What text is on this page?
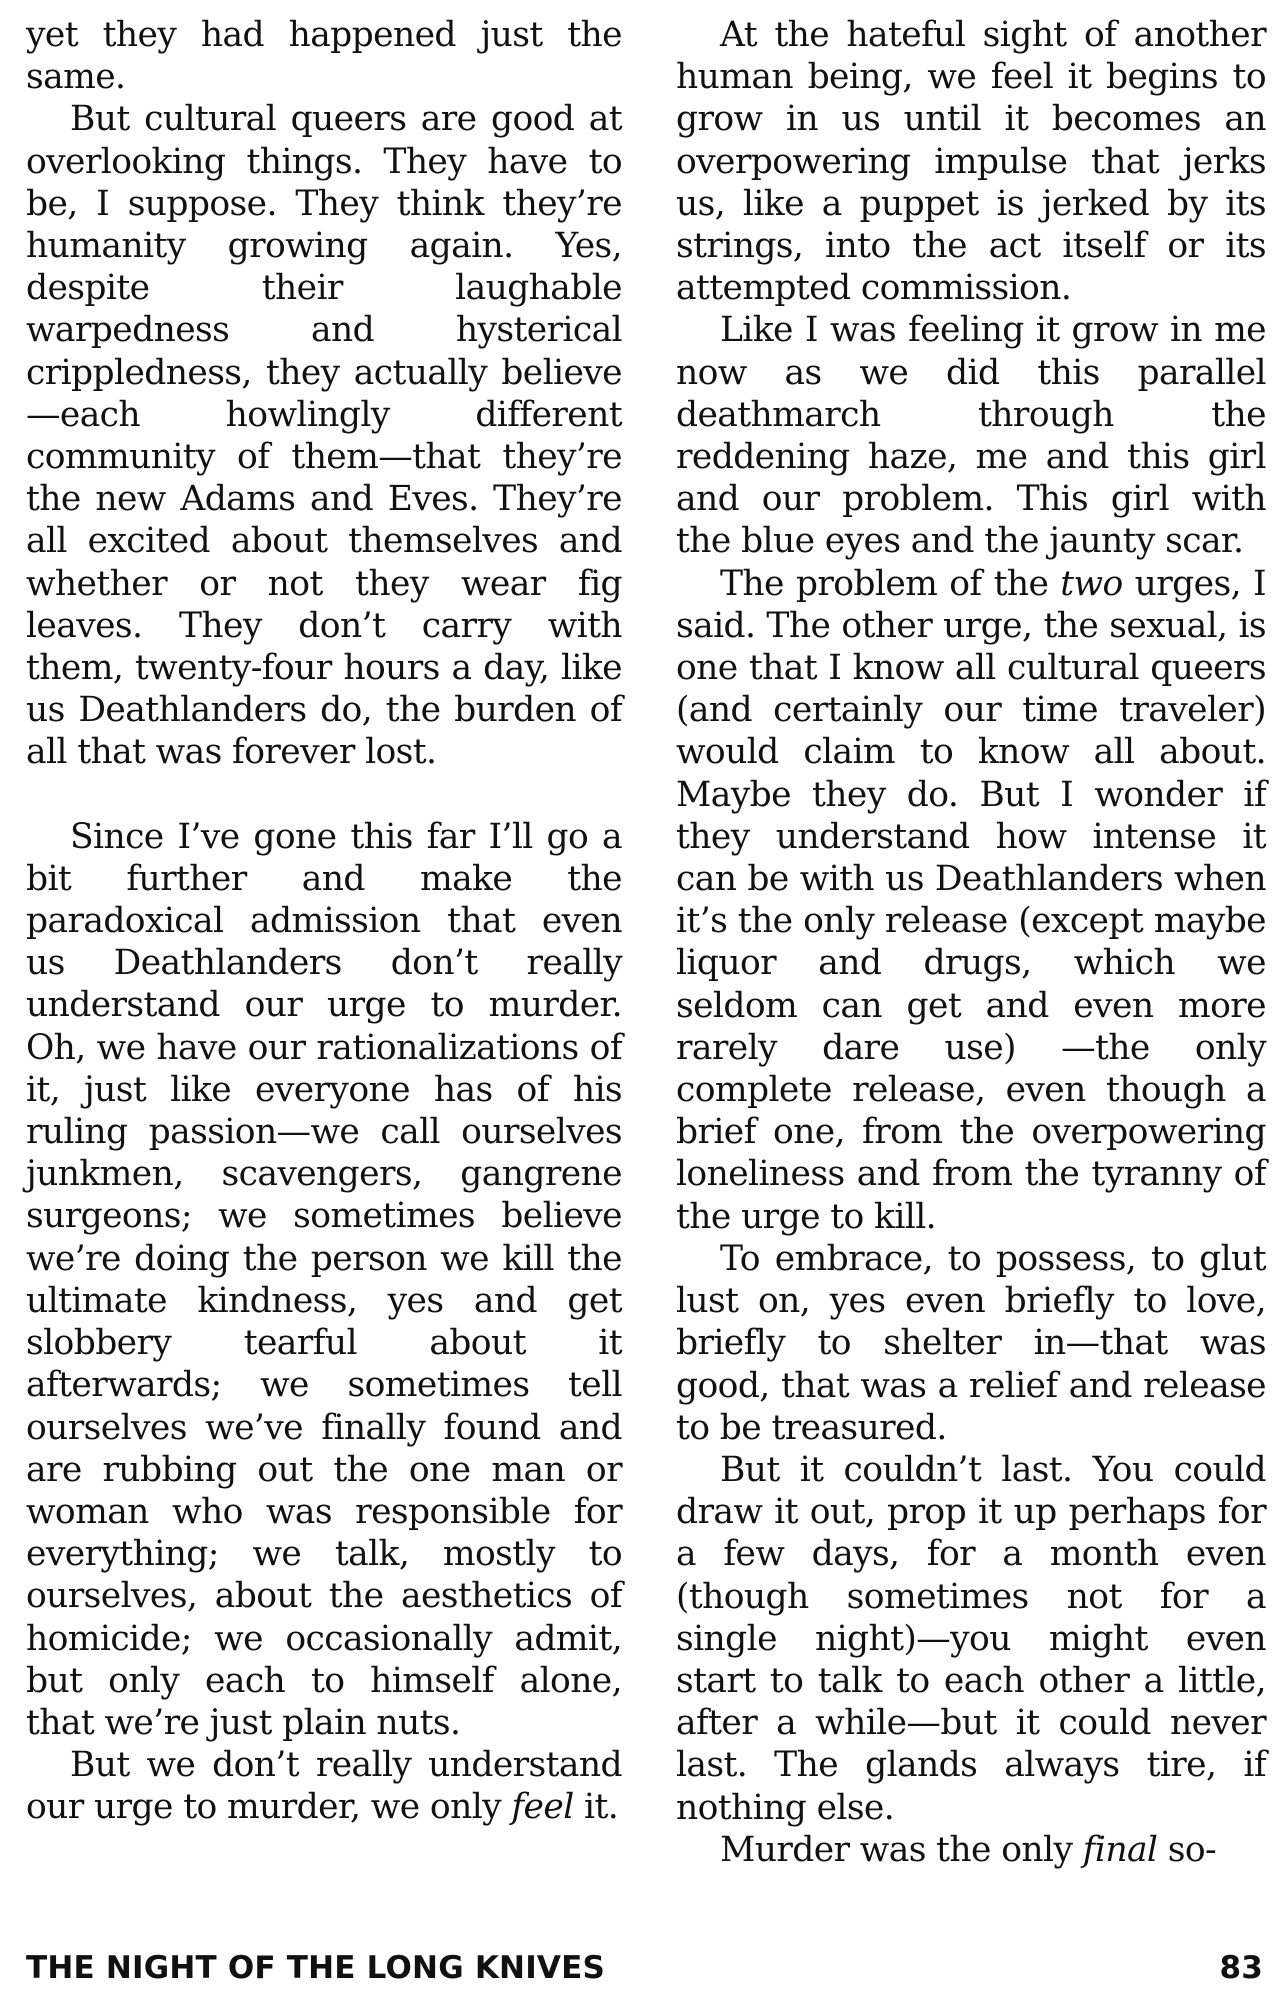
yet they had happened just the same.

But cultural queers are good at overlooking things. They have to be, I suppose. They think they’re humanity growing again. Yes, despite their laughable warpedness and hysterical crippledness, they actually believe—each howlingly different community of them—that they’re the new Adams and Eves. They’re all excited about themselves and whether or not they wear fig leaves. They don’t carry with them, twenty-four hours a day, like us Deathlanders do, the burden of all that was forever lost.

Since I’ve gone this far I’ll go a bit further and make the paradoxical admission that even us Deathlanders don’t really understand our urge to murder. Oh, we have our rationalizations of it, just like everyone has of his ruling passion—we call ourselves junkmen, scavengers, gangrene surgeons; we sometimes believe we’re doing the person we kill the ultimate kindness, yes and get slobbery tearful about it afterwards; we sometimes tell ourselves we’ve finally found and are rubbing out the one man or woman who was responsible for everything; we talk, mostly to ourselves, about the aesthetics of homicide; we occasionally admit, but only each to himself alone, that we’re just plain nuts.

But we don’t really understand our urge to murder, we only feel it.

At the hateful sight of another human being, we feel it begins to grow in us until it becomes an overpowering impulse that jerks us, like a puppet is jerked by its strings, into the act itself or its attempted commission.

Like I was feeling it grow in me now as we did this parallel deathmarch through the reddening haze, me and this girl and our problem. This girl with the blue eyes and the jaunty scar.

The problem of the two urges, I said. The other urge, the sexual, is one that I know all cultural queers (and certainly our time traveler) would claim to know all about. Maybe they do. But I wonder if they understand how intense it can be with us Deathlanders when it’s the only release (except maybe liquor and drugs, which we seldom can get and even more rarely dare use) —the only complete release, even though a brief one, from the overpowering loneliness and from the tyranny of the urge to kill.

To embrace, to possess, to glut lust on, yes even briefly to love, briefly to shelter in—that was good, that was a relief and release to be treasured.

But it couldn’t last. You could draw it out, prop it up perhaps for a few days, for a month even (though sometimes not for a single night)—you might even start to talk to each other a little, after a while—but it could never last. The glands always tire, if nothing else.

Murder was the only final so-

THE NIGHT OF THE LONG KNIVES	83
